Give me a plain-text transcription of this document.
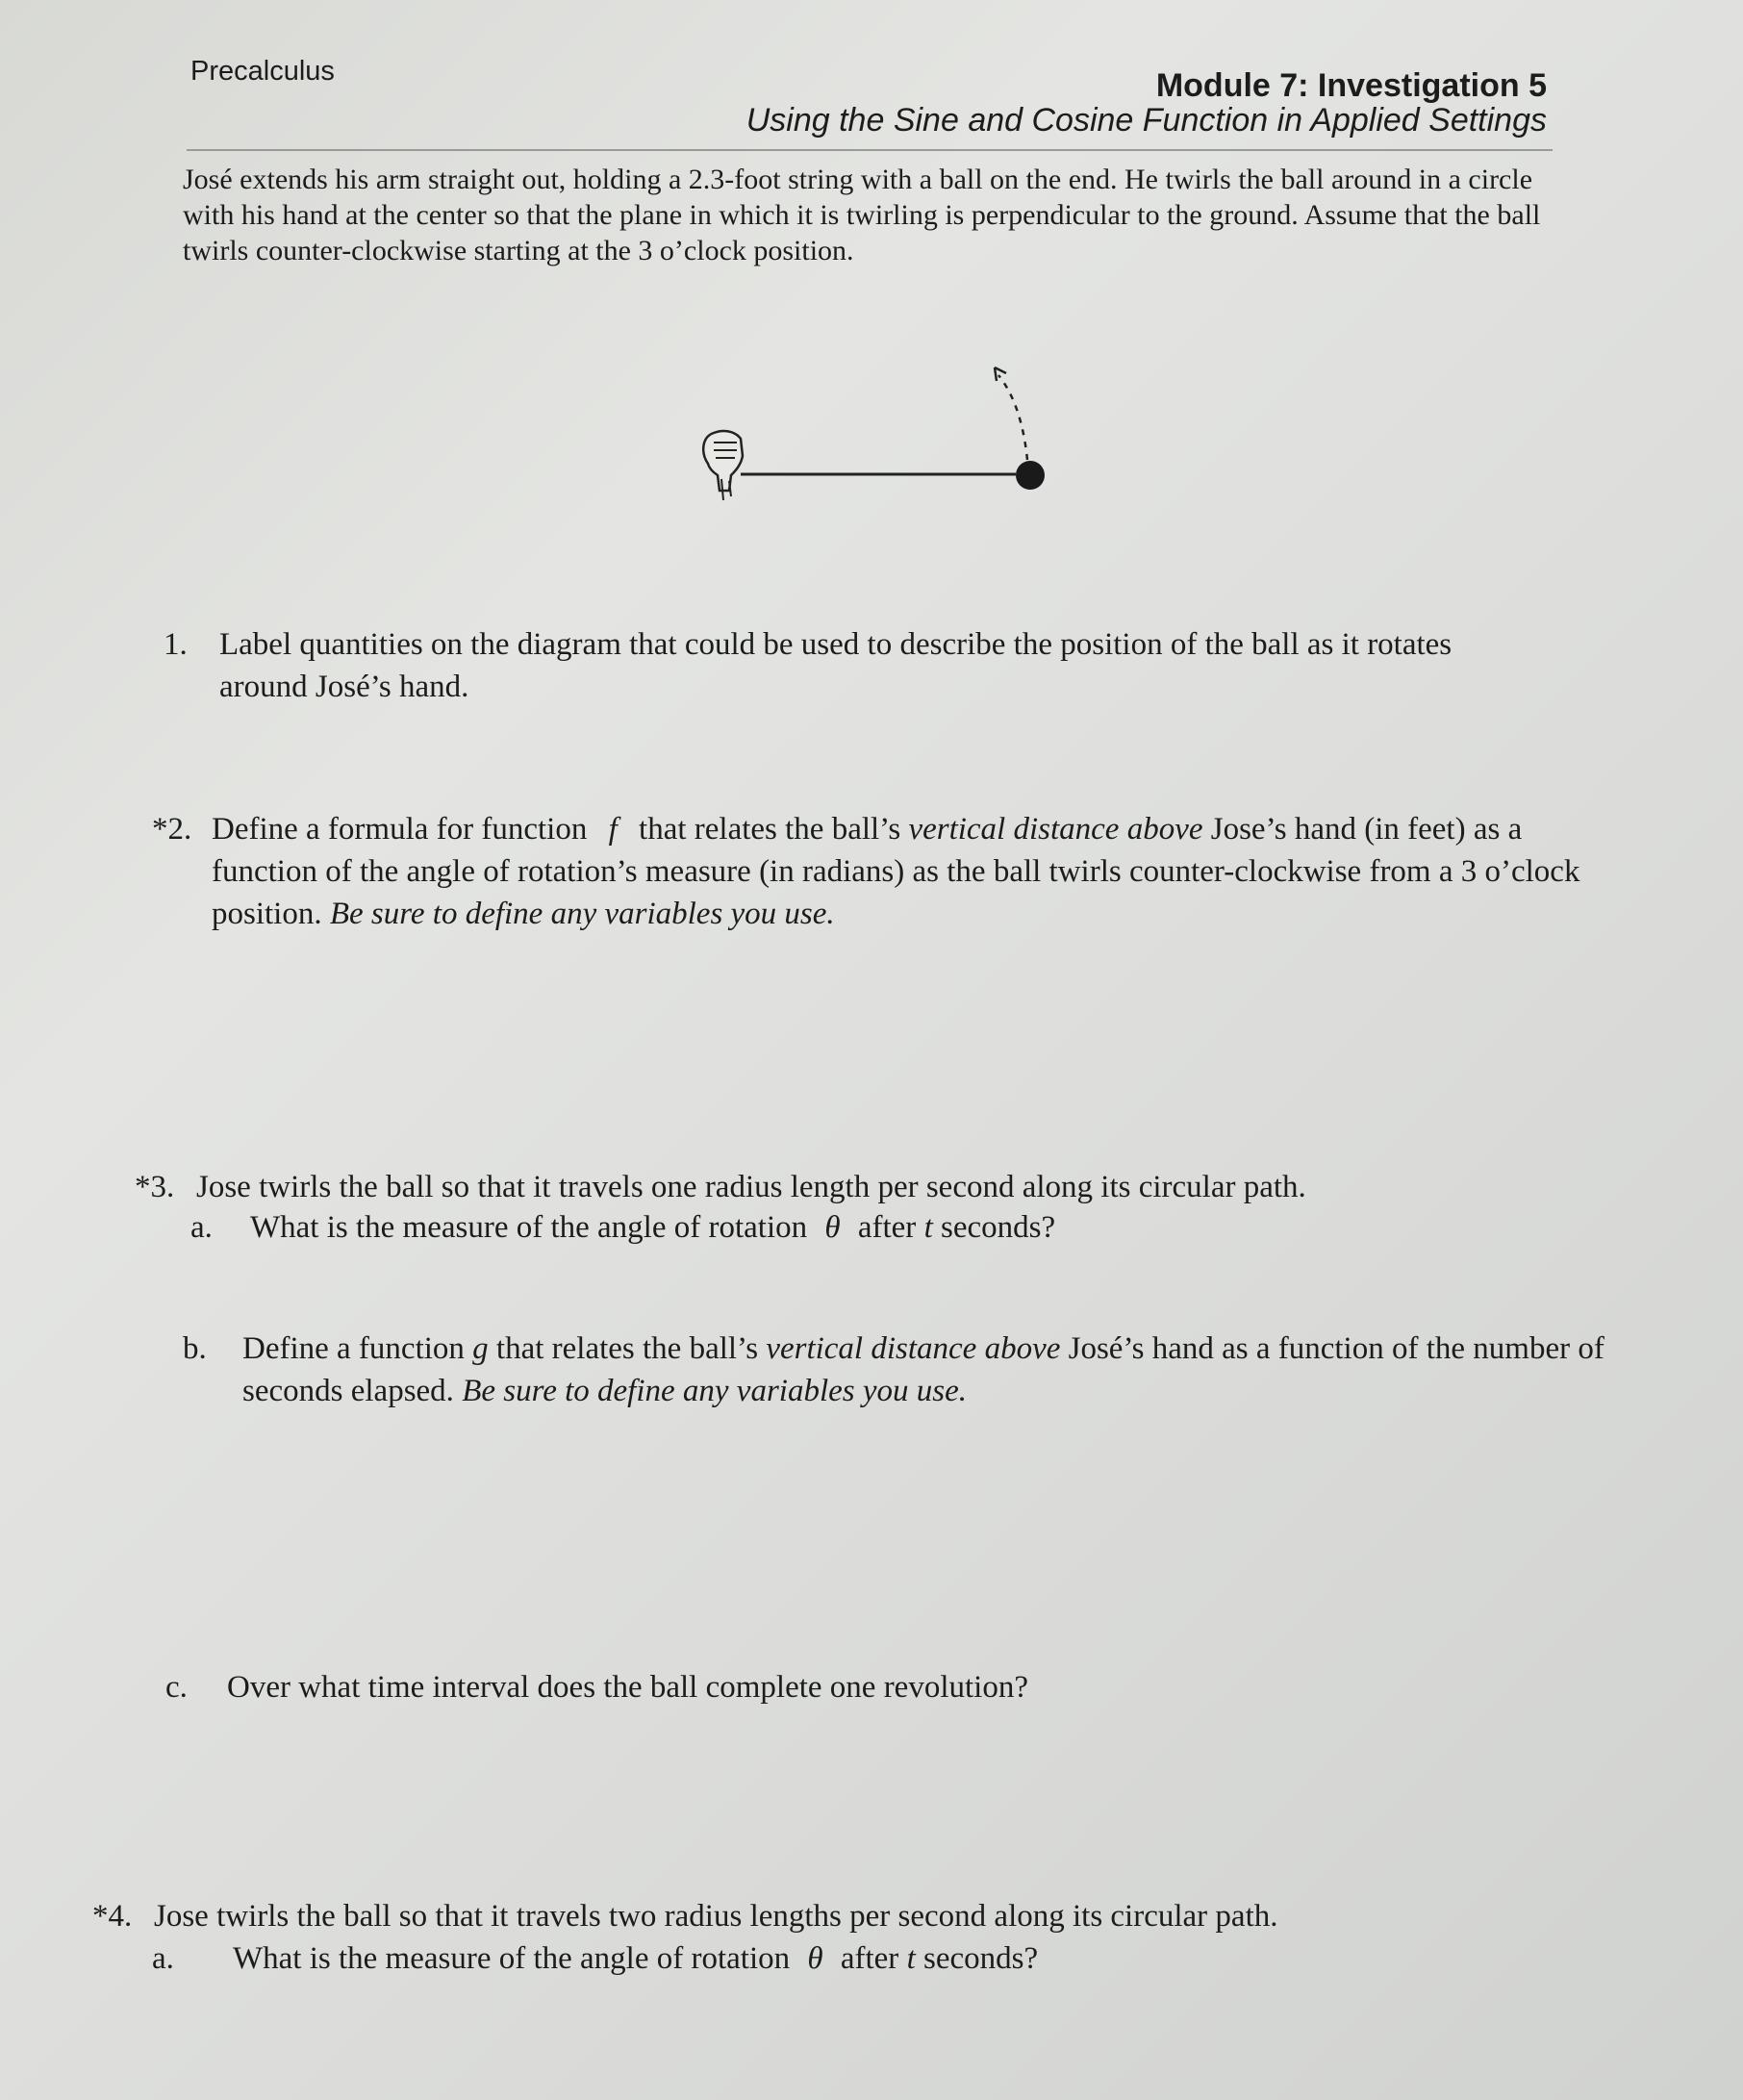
Precalculus	Module 7: Investigation 5
Using the Sine and Cosine Function in Applied Settings
José extends his arm straight out, holding a 2.3-foot string with a ball on the end. He twirls the ball around in a circle with his hand at the center so that the plane in which it is twirling is perpendicular to the ground. Assume that the ball twirls counter-clockwise starting at the 3 o’clock position.
1. Label quantities on the diagram that could be used to describe the position of the ball as it rotates around José’s hand.
*2. Define a formula for function f that relates the ball’s vertical distance above Jose’s hand (in feet) as a function of the angle of rotation’s measure (in radians) as the ball twirls counter-clockwise from a 3 o’clock position. Be sure to define any variables you use.
*3. Jose twirls the ball so that it travels one radius length per second along its circular path.
a. What is the measure of the angle of rotation θ after t seconds?
b. Define a function g that relates the ball’s vertical distance above José’s hand as a function of the number of seconds elapsed. Be sure to define any variables you use.
c. Over what time interval does the ball complete one revolution?
*4. Jose twirls the ball so that it travels two radius lengths per second along its circular path.
a. What is the measure of the angle of rotation θ after t seconds?
